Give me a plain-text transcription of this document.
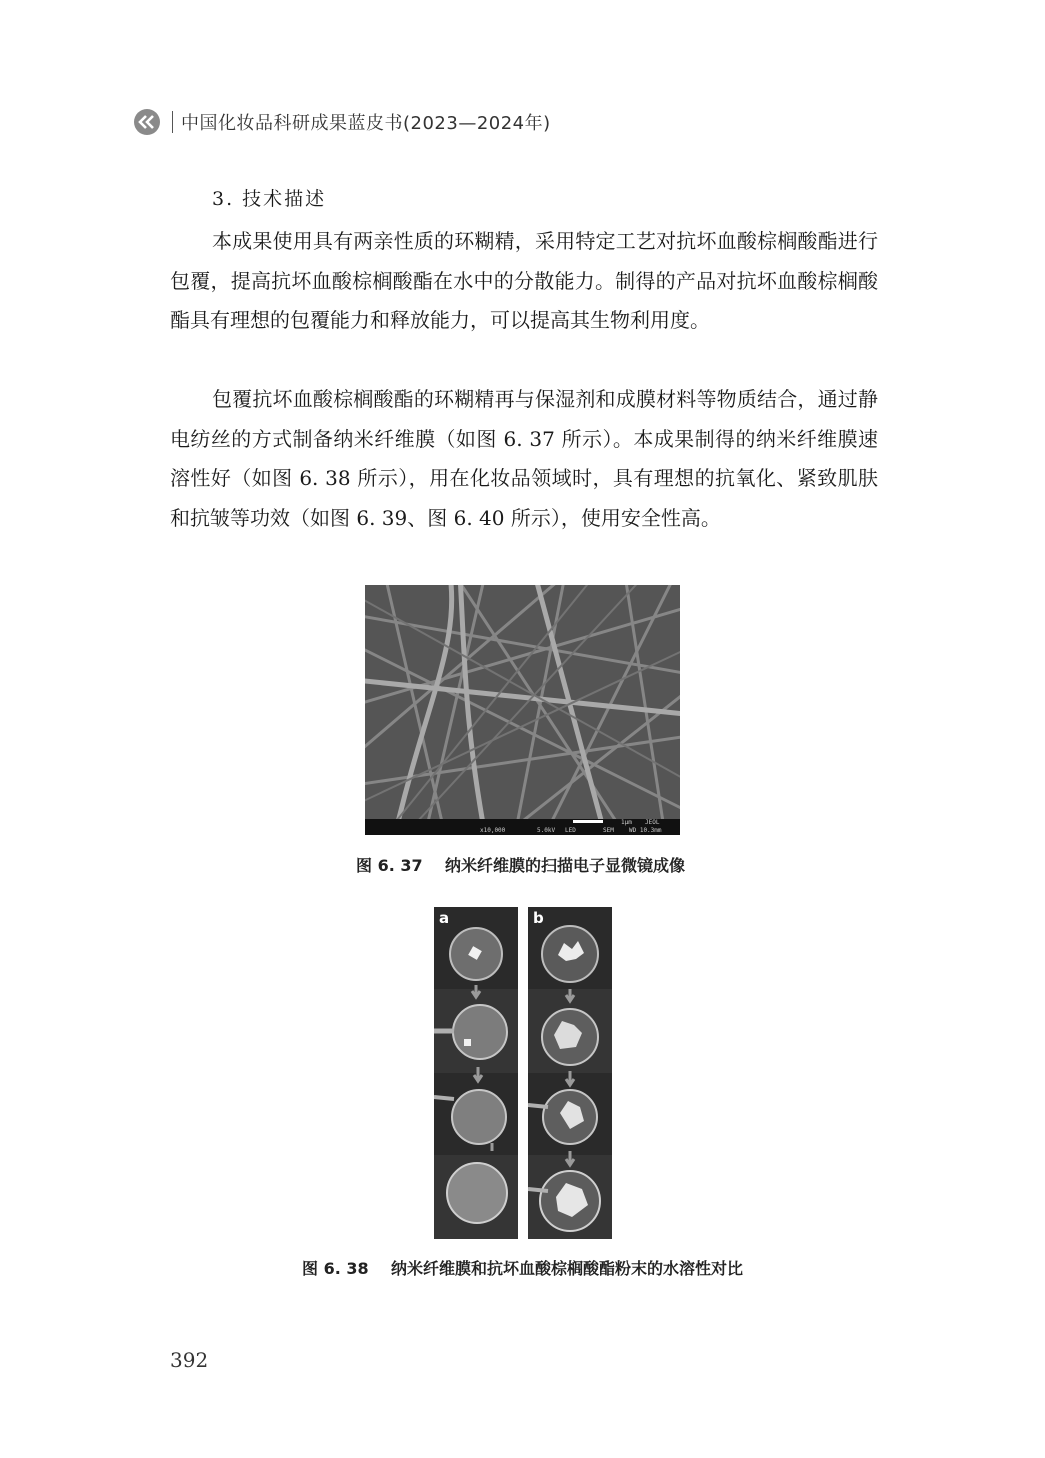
中国化妆品科研成果蓝皮书(2023—2024年)
3. 技术描述

本成果使用具有两亲性质的环糊精，采用特定工艺对抗坏血酸棕榈酸酯进行包覆，提高抗坏血酸棕榈酸酯在水中的分散能力。制得的产品对抗坏血酸棕榈酸酯具有理想的包覆能力和释放能力，可以提高其生物利用度。

包覆抗坏血酸棕榈酸酯的环糊精再与保湿剂和成膜材料等物质结合，通过静电纺丝的方式制备纳米纤维膜（如图 6. 37 所示）。本成果制得的纳米纤维膜速溶性好（如图 6. 38 所示），用在化妆品领域时，具有理想的抗氧化、紧致肌肤和抗皱等功效（如图 6. 39、图 6. 40 所示），使用安全性高。

1μm JEOL
x10,000	5.0kV LED	SEM	WD 10.3mm
图 6. 37    纳米纤维膜的扫描电子显微镜成像
a	b
图 6. 38    纳米纤维膜和抗坏血酸棕榈酸酯粉末的水溶性对比
392
